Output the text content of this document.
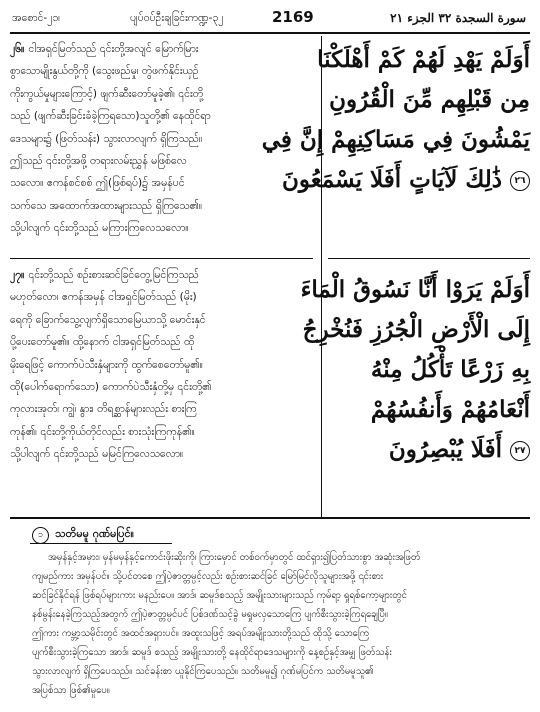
အစောင်-၂၁၊	ပျပ်ဝပ်ဦးချခြင်းကဏ္ဍ-၃၂	2169	سورة السجدة ٣٢ الجزء ٢١

၂၆။ ငါအရှင်မြတ်သည် ၎င်းတို့အလျင် မြောက်မြား

စွာသောမျိုးနွယ်တို့ကို (သွေးဖည်မှု၊ တွဲဖက်နိုင်းယှဉ်

ကိုးကွယ်မှုများကြောင့်) ဖျက်ဆီးတော်မူခဲ့၏၊ ၎င်းတို့

သည် (ဖျက်ဆီးခြင်းခံခဲ့ကြရသော)သူတို့၏ နေထိုင်ရာ

ဒေသများ၌ (ဖြတ်သန်း) သွားလာလျက် ရှိကြသည်။

ဤသည် ၎င်းတို့အဖို့ တရားလမ်းညွှန် မဖြစ်လေ

သလော။ ဧကန်စင်စစ် ဤ(ဖြစ်ရပ်)၌ အမှန်ပင်

သက်သေ အထောက်အထားများသည် ရှိကြသေ၏။

သို့ပါလျက် ၎င်းတို့သည် မကြားကြလေသလော။

၂၇။ ၎င်းတို့သည် စဉ်းစားဆင်ခြင်တွေ့မြင်ကြသည်

မဟုတ်လော၊ ဧကန်အမှန် ငါအရှင်မြတ်သည် (မိုး)

ရေကို ခြောက်သွေ့လျက်ရှိသောမြေယာသို့ မောင်းနှင်

ပို့ပေးတော်မူ၏။ ထို့နောက် ငါအရှင်မြတ်သည် ထို

မိုးရေဖြင့် ကောက်ပဲသီးနှံများကို ထွက်စေတော်မူ၏။

ထို(ပေါက်ရောက်သော) ကောက်ပဲသီးနှံတို့မှ ၎င်းတို့၏

ကုလားအုတ်၊ ကျွဲ၊ နွား၊ တိရစ္ဆာန်များလည်း စားကြ

ကုန်၏၊ ၎င်းတို့ကိုယ်တိုင်လည်း စားသုံးကြကုန်၏။

သို့ပါလျက် ၎င်းတို့သည် မမြင်ကြလေသလော။

أَوَلَمْ يَهْدِ لَهُمْ كَمْ أَهْلَكْنَا
مِن قَبْلِهِم مِّنَ الْقُرُونِ
يَمْشُونَ فِي مَسَاكِنِهِمْ إِنَّ فِي
٢٦ ذَٰلِكَ لَآيَاتٍ أَفَلَا يَسْمَعُونَ
أَوَلَمْ يَرَوْا أَنَّا نَسُوقُ الْمَاءَ
إِلَى الْأَرْضِ الْجُرُزِ فَنُخْرِجُ
بِهِ زَرْعًا تَأْكُلُ مِنْهُ
أَنْعَامُهُمْ وَأَنفُسُهُمْ
٢٧ أَفَلَا يُبْصِرُونَ
၁ သတိမမူ ဂုဏ်မပြင်။

အမှန်နှင့်အမှား၊ မှန်မမှန်နှင့်ကောင်းဖိုးဆိုးကို၊ ကြားမှောင် တစ်ဝက်မှာတွင် ထင်ရှား၍ပြတ်သားစွာ အဆုံးအဖြတ်

ကျမည်ကား အမှန်ပင်။ သို့ပင်တစေ ဤပဲ့ဇာတ္တမ္ပင့်လည်း စဉ်းစားဆင်ခြင် မြော်မြင်လိုသူများအဖို့ ၎င်းစား

ဆင်ခြင်နိုင်ရန် ဖြစ်ရပ်များကား မနည်းပေ။ အာဒ်၊ ဆမူဒ်စသည့် အမျိုးသားများသည် ကုမ်ရာ့ ရှုရစ်ကော့များတွင်

နစ်မွန်းနေခဲ့ကြသည့်အတွက် ဤပဲ့ဇာတ္တမ္ပင်ပင် ပြစ်ဒဏ်သင့်ခွဲ မရှုမလှသောကြေ ပျက်စီးသွားခဲ့ကြရချေပြီ။

ဤကား ကမ္ဘာ့သမိုင်းတွင် အထင်အရှားပင်။ အထူးသဖြင့် အရပ်အမျိုးသားတို့သည် ထိုသို့ သောကြေ

ပျက်စီးသွားခဲ့ကြသော အာဒ်၊ ဆမူဒ် စသည့် အမျိုးသားတို့ နေထိုင်ရာဒေသများကို နေ့စဉ်နှင့်အမျှ ဖြတ်သန်း

သွားလာလျက် ရှိကြပေသည်။ သင်ခန်းစာ ယူနိုင်ကြပေသည်။ သတိမမူ၍ ဂုဏ်မပြင်က သတိမမူသူ၏

အပြစ်သာ ဖြစ်၏မှုပေ။
